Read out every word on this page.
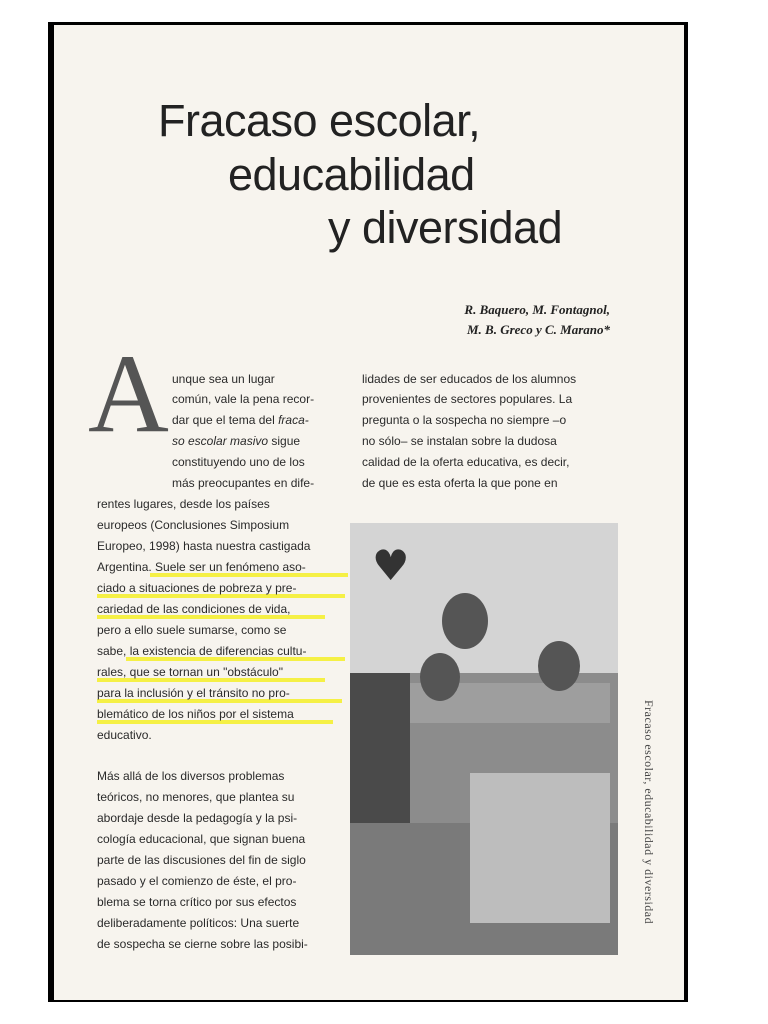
Fracaso escolar,
educabilidad
y diversidad
R. Baquero, M. Fontagnol,
M. B. Greco y C. Marano*
A unque sea un lugar
común, vale la pena recor-
dar que el tema del fraca-
so escolar masivo sigue
constituyendo uno de los
más preocupantes en dife-
rentes lugares, desde los países
europeos (Conclusiones Simposium
Europeo, 1998) hasta nuestra castigada
Argentina. Suele ser un fenómeno aso-
ciado a situaciones de pobreza y pre-
cariedad de las condiciones de vida,
pero a ello suele sumarse, como se
sabe, la existencia de diferencias cultu-
rales, que se tornan un "obstáculo"
para la inclusión y el tránsito no pro-
blemático de los niños por el sistema
educativo.
Más allá de los diversos problemas
teóricos, no menores, que plantea su
abordaje desde la pedagogía y la psi-
cología educacional, que signan buena
parte de las discusiones del fin de siglo
pasado y el comienzo de éste, el pro-
blema se torna crítico por sus efectos
deliberadamente políticos: Una suerte
de sospecha se cierne sobre las posibi-
lidades de ser educados de los alumnos
provenientes de sectores populares. La
pregunta o la sospecha no siempre –o
no sólo– se instalan sobre la dudosa
calidad de la oferta educativa, es decir,
de que es esta oferta la que pone en
♥
Fracaso escolar, educabilidad y diversidad
